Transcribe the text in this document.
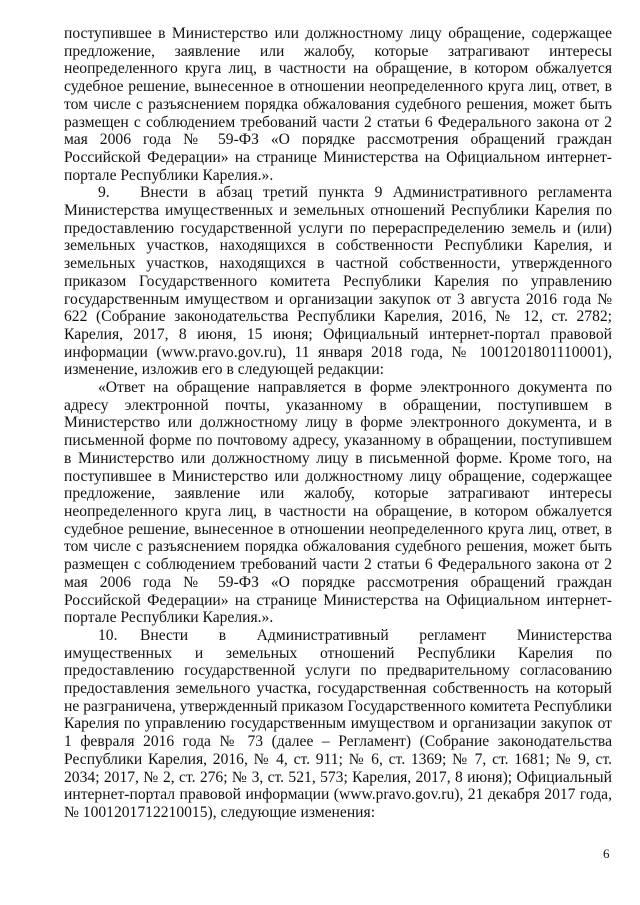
поступившее в Министерство или должностному лицу обращение, содержащее предложение, заявление или жалобу, которые затрагивают интересы неопределенного круга лиц, в частности на обращение, в котором обжалуется судебное решение, вынесенное в отношении неопределенного круга лиц, ответ, в том числе с разъяснением порядка обжалования судебного решения, может быть размещен с соблюдением требований части 2 статьи 6 Федерального закона от 2 мая 2006 года № 59-ФЗ «О порядке рассмотрения обращений граждан Российской Федерации» на странице Министерства на Официальном интернет-портале Республики Карелия.».

9. Внести в абзац третий пункта 9 Административного регламента Министерства имущественных и земельных отношений Республики Карелия по предоставлению государственной услуги по перераспределению земель и (или) земельных участков, находящихся в собственности Республики Карелия, и земельных участков, находящихся в частной собственности, утвержденного приказом Государственного комитета Республики Карелия по управлению государственным имуществом и организации закупок от 3 августа 2016 года № 622 (Собрание законодательства Республики Карелия, 2016, № 12, ст. 2782; Карелия, 2017, 8 июня, 15 июня; Официальный интернет-портал правовой информации (www.pravo.gov.ru), 11 января 2018 года, № 1001201801110001), изменение, изложив его в следующей редакции:

«Ответ на обращение направляется в форме электронного документа по адресу электронной почты, указанному в обращении, поступившем в Министерство или должностному лицу в форме электронного документа, и в письменной форме по почтовому адресу, указанному в обращении, поступившем в Министерство или должностному лицу в письменной форме. Кроме того, на поступившее в Министерство или должностному лицу обращение, содержащее предложение, заявление или жалобу, которые затрагивают интересы неопределенного круга лиц, в частности на обращение, в котором обжалуется судебное решение, вынесенное в отношении неопределенного круга лиц, ответ, в том числе с разъяснением порядка обжалования судебного решения, может быть размещен с соблюдением требований части 2 статьи 6 Федерального закона от 2 мая 2006 года № 59-ФЗ «О порядке рассмотрения обращений граждан Российской Федерации» на странице Министерства на Официальном интернет-портале Республики Карелия.».

10. Внести в Административный регламент Министерства имущественных и земельных отношений Республики Карелия по предоставлению государственной услуги по предварительному согласованию предоставления земельного участка, государственная собственность на который не разграничена, утвержденный приказом Государственного комитета Республики Карелия по управлению государственным имуществом и организации закупок от 1 февраля 2016 года № 73 (далее – Регламент) (Собрание законодательства Республики Карелия, 2016, № 4, ст. 911; № 6, ст. 1369; № 7, ст. 1681; № 9, ст. 2034; 2017, № 2, ст. 276; № 3, ст. 521, 573; Карелия, 2017, 8 июня); Официальный интернет-портал правовой информации (www.pravo.gov.ru), 21 декабря 2017 года, № 1001201712210015), следующие изменения:

6
